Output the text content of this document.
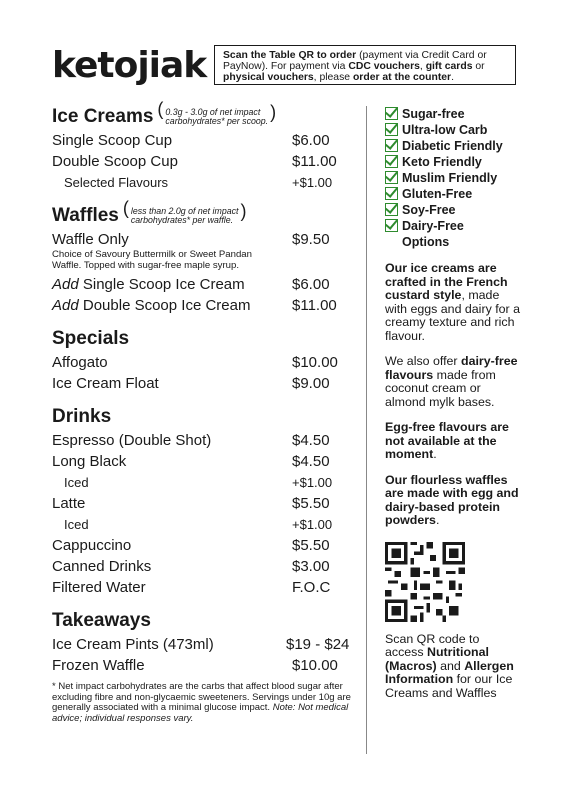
ketojiak	Scan the Table QR to order (payment via Credit Card or PayNow). For payment via CDC vouchers, gift cards or physical vouchers, please order at the counter.
Ice Creams	( 0.3g - 3.0g of net impact
carbohydrates* per scoop. )
Single Scoop Cup	$6.00
Double Scoop Cup	$11.00
Selected Flavours	+$1.00
Waffles	( less than 2.0g of net impact
carbohydrates* per waffle. )
Waffle Only	$9.50
Choice of Savoury Buttermilk or Sweet Pandan Waffle. Topped with sugar-free maple syrup.
Add Single Scoop Ice Cream	$6.00
Add Double Scoop Ice Cream	$11.00
Specials
Affogato	$10.00
Ice Cream Float	$9.00
Drinks
Espresso (Double Shot)	$4.50
Long Black	$4.50
Iced	+$1.00
Latte	$5.50
Iced	+$1.00
Cappuccino	$5.50
Canned Drinks	$3.00
Filtered Water	F.O.C
Takeaways
Ice Cream Pints (473ml)	$19 - $24
Frozen Waffle	$10.00
* Net impact carbohydrates are the carbs that affect blood sugar after excluding fibre and non-glycaemic sweeteners. Servings under 10g are generally associated with a minimal glucose impact. Note: Not medical advice; individual responses vary.
Sugar-free
Ultra-low Carb
Diabetic Friendly
Keto Friendly
Muslim Friendly
Gluten-Free
Soy-Free
Dairy-Free Options
Our ice creams are crafted in the French custard style, made with eggs and dairy for a creamy texture and rich flavour.
We also offer dairy-free flavours made from coconut cream or almond mylk bases.
Egg-free flavours are not available at the moment.
Our flourless waffles are made with egg and dairy-based protein powders.
Scan QR code to access Nutritional (Macros) and Allergen Information for our Ice Creams and Waffles
